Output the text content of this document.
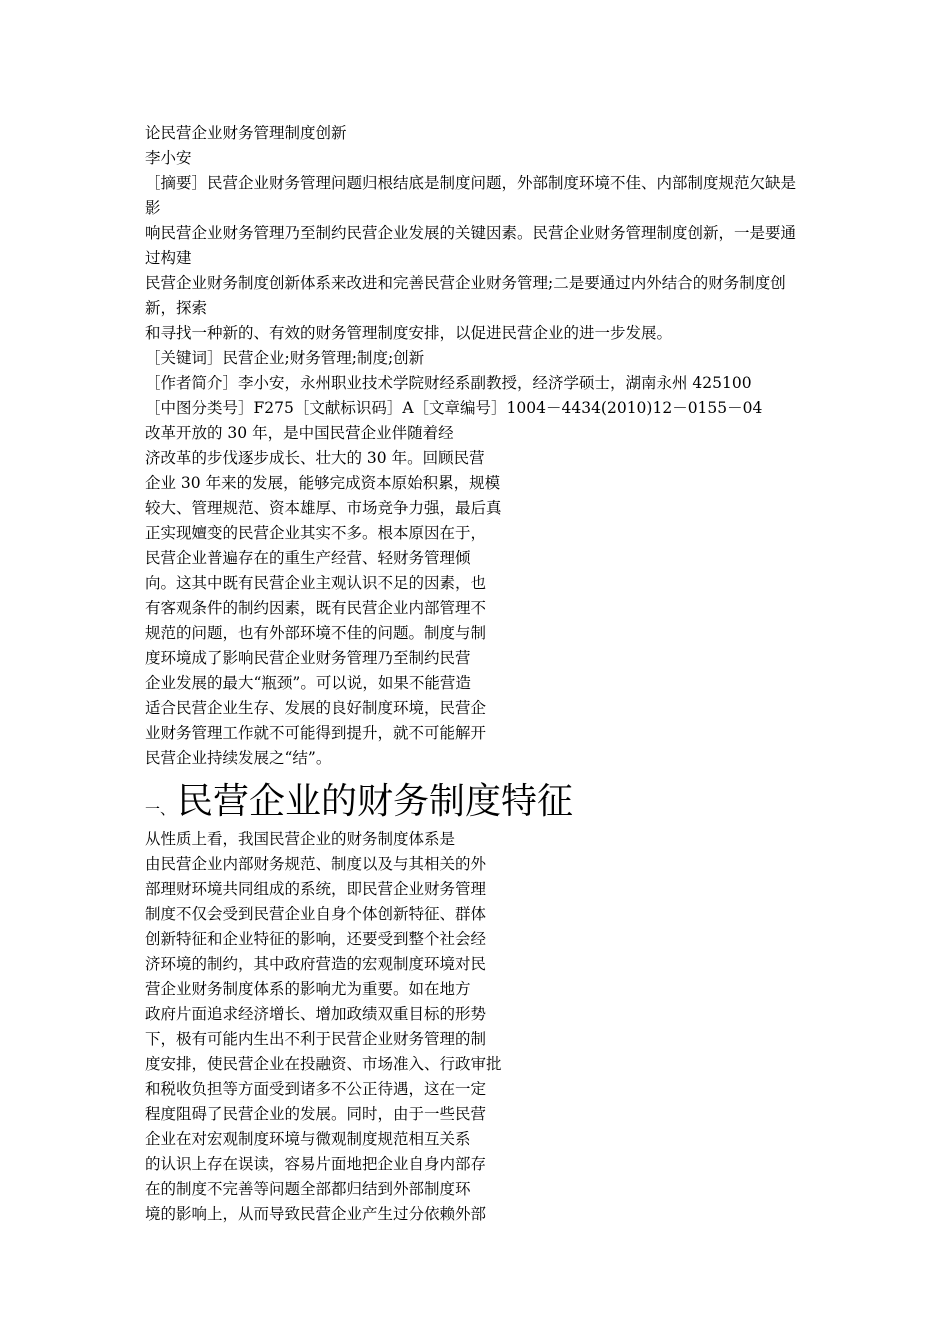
论民营企业财务管理制度创新
李小安
［摘要］民营企业财务管理问题归根结底是制度问题，外部制度环境不佳、内部制度规范欠缺是影
响民营企业财务管理乃至制约民营企业发展的关键因素。民营企业财务管理制度创新，一是要通过构建
民营企业财务制度创新体系来改进和完善民营企业财务管理;二是要通过内外结合的财务制度创新，探索
和寻找一种新的、有效的财务管理制度安排，以促进民营企业的进一步发展。
［关键词］民营企业;财务管理;制度;创新
［作者简介］李小安，永州职业技术学院财经系副教授，经济学硕士，湖南永州 425100
［中图分类号］F275［文献标识码］A［文章编号］1004－4434(2010)12－0155－04
改革开放的 30 年，是中国民营企业伴随着经
济改革的步伐逐步成长、壮大的 30 年。回顾民营
企业 30 年来的发展，能够完成资本原始积累，规模
较大、管理规范、资本雄厚、市场竞争力强，最后真
正实现嬗变的民营企业其实不多。根本原因在于，
民营企业普遍存在的重生产经营、轻财务管理倾
向。这其中既有民营企业主观认识不足的因素，也
有客观条件的制约因素，既有民营企业内部管理不
规范的问题，也有外部环境不佳的问题。制度与制
度环境成了影响民营企业财务管理乃至制约民营
企业发展的最大“瓶颈”。可以说，如果不能营造
适合民营企业生存、发展的良好制度环境，民营企
业财务管理工作就不可能得到提升，就不可能解开
民营企业持续发展之“结”。
一、 民营企业的财务制度特征
从性质上看，我国民营企业的财务制度体系是
由民营企业内部财务规范、制度以及与其相关的外
部理财环境共同组成的系统，即民营企业财务管理
制度不仅会受到民营企业自身个体创新特征、群体
创新特征和企业特征的影响，还要受到整个社会经
济环境的制约，其中政府营造的宏观制度环境对民
营企业财务制度体系的影响尤为重要。如在地方
政府片面追求经济增长、增加政绩双重目标的形势
下，极有可能内生出不利于民营企业财务管理的制
度安排，使民营企业在投融资、市场准入、行政审批
和税收负担等方面受到诸多不公正待遇，这在一定
程度阻碍了民营企业的发展。同时，由于一些民营
企业在对宏观制度环境与微观制度规范相互关系
的认识上存在误读，容易片面地把企业自身内部存
在的制度不完善等问题全部都归结到外部制度环
境的影响上，从而导致民营企业产生过分依赖外部
